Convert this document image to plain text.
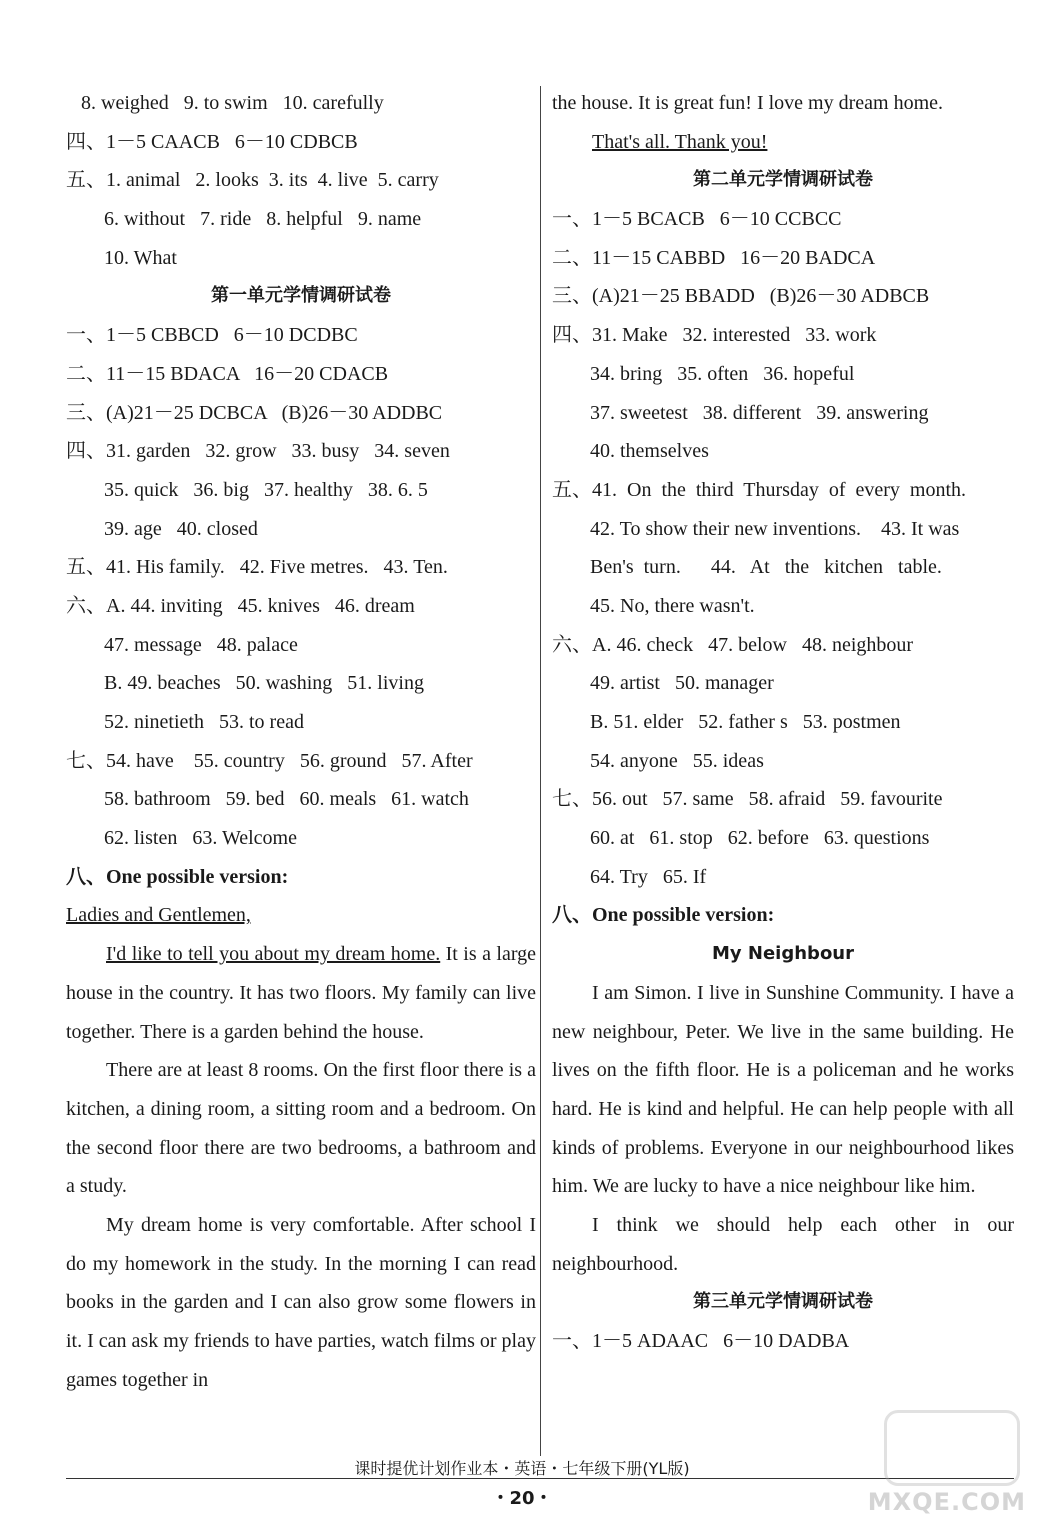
8. weighed   9. to swim   10. carefully
四、1－5 CAACB   6－10 CDBCB
五、1. animal   2. looks  3. its  4. live  5. carry
6. without   7. ride   8. helpful   9. name
10. What
第一单元学情调研试卷
一、1－5 CBBCD   6－10 DCDBC
二、11－15 BDACA   16－20 CDACB
三、(A)21－25 DCBCA   (B)26－30 ADDBC
四、31. garden   32. grow   33. busy   34. seven
35. quick   36. big   37. healthy   38. 6. 5
39. age   40. closed
五、41. His family.   42. Five metres.   43. Ten.
六、A. 44. inviting   45. knives   46. dream
47. message   48. palace
B. 49. beaches   50. washing   51. living
52. ninetieth   53. to read
七、54. have    55. country   56. ground   57. After
58. bathroom   59. bed   60. meals   61. watch
62. listen   63. Welcome
八、One possible version:
Ladies and Gentlemen,
I'd like to tell you about my dream home. It is a large house in the country. It has two floors. My family can live together. There is a garden behind the house.
There are at least 8 rooms. On the first floor there is a kitchen, a dining room, a sitting room and a bedroom. On the second floor there are two bedrooms, a bathroom and a study.
My dream home is very comfortable. After school I do my homework in the study. In the morning I can read books in the garden and I can also grow some flowers in it. I can ask my friends to have parties, watch films or play games together in
the house. It is great fun! I love my dream home.
That's all. Thank you!
第二单元学情调研试卷
一、1－5 BCACB   6－10 CCBCC
二、11－15 CABBD   16－20 BADCA
三、(A)21－25 BBADD   (B)26－30 ADBCB
四、31. Make   32. interested   33. work
34. bring   35. often   36. hopeful
37. sweetest   38. different   39. answering
40. themselves
五、41.  On  the  third  Thursday  of  every  month.
42. To show their new inventions.    43. It was
Ben's  turn.      44.   At   the   kitchen   table.
45. No, there wasn't.
六、A. 46. check   47. below   48. neighbour
49. artist   50. manager
B. 51. elder   52. father s   53. postmen
54. anyone   55. ideas
七、56. out   57. same   58. afraid   59. favourite
60. at   61. stop   62. before   63. questions
64. Try   65. If
八、One possible version:
My Neighbour
I am Simon. I live in Sunshine Community. I have a new neighbour, Peter. We live in the same building. He lives on the fifth floor. He is a policeman and he works hard. He is kind and helpful. He can help people with all kinds of problems. Everyone in our neighbourhood likes him. We are lucky to have a nice neighbour like him.
I think we should help each other in our neighbourhood.
第三单元学情调研试卷
一、1－5 ADAAC   6－10 DADBA
课时提优计划作业本・英语・七年级下册(YL版)
・20・	MXQE.COM
